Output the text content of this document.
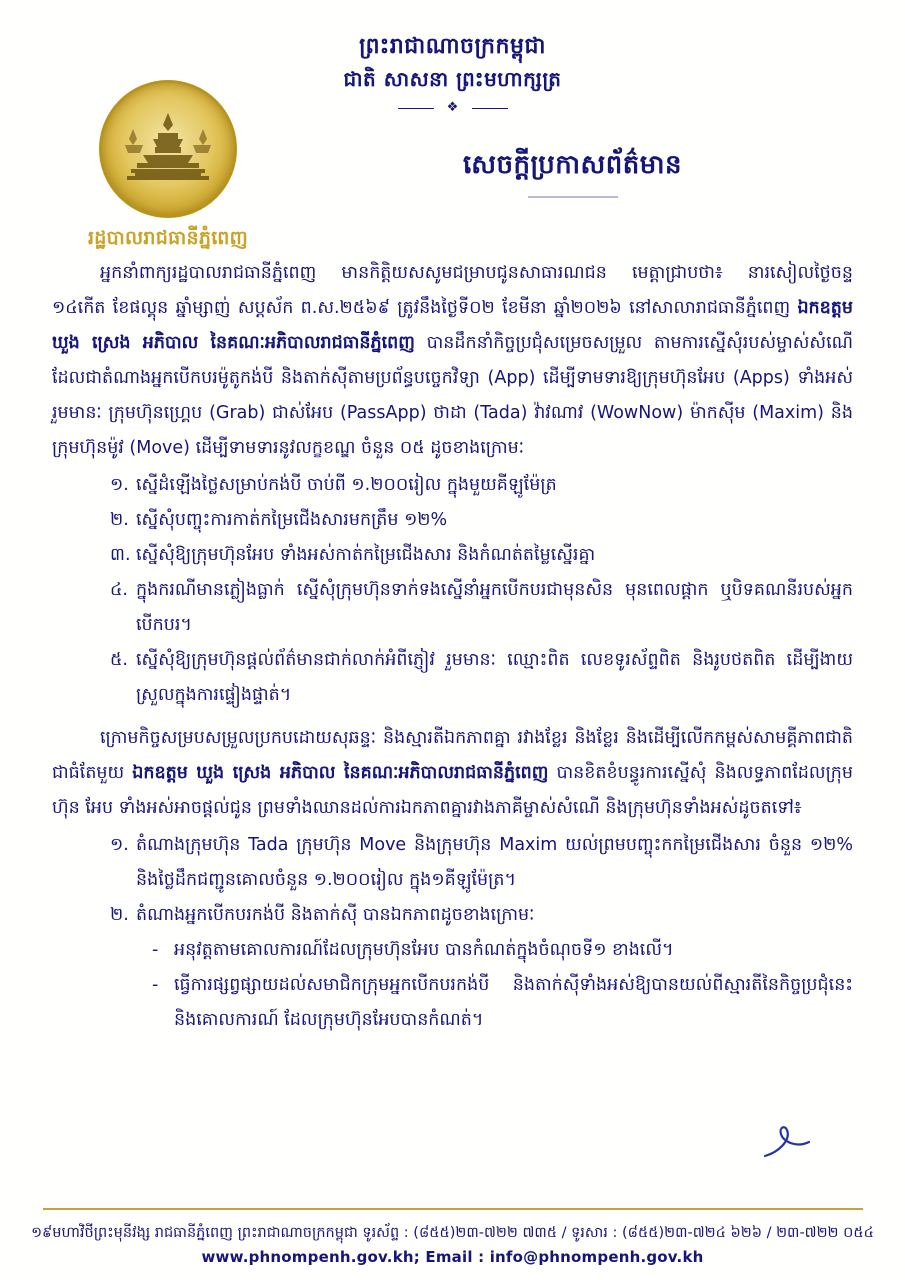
ព្រះរាជាណាចក្រកម្ពុជា
ជាតិ សាសនា ព្រះមហាក្សត្រ
❖
រដ្ឋបាលរាជធានីភ្នំពេញ
សេចក្ដីប្រកាសព័ត៌មាន
អ្នកនាំពាក្យរដ្ឋបាលរាជធានីភ្នំពេញ មានកិត្តិយសសូមជម្រាបជូនសាធារណជន មេត្តាជ្រាបថា៖ នារសៀលថ្ងៃចន្ទ ១៤កើត ខែផល្គុន ឆ្នាំម្សាញ់ សប្ដស័ក ព.ស.២៥៦៩ ត្រូវនឹងថ្ងៃទី០២ ខែមីនា ឆ្នាំ២០២៦ នៅសាលារាជធានីភ្នំពេញ ឯកឧត្តម ឃួង ស្រេង អភិបាល នៃគណៈអភិបាលរាជធានីភ្នំពេញ បានដឹកនាំកិច្ចប្រជុំសម្រេចសម្រួល តាមការស្នើសុំរបស់ម្ចាស់សំណើ ដែលជាតំណាងអ្នកបើកបរម៉ូតូកង់បី និងតាក់ស៊ីតាមប្រព័ន្ធបច្ចេកវិទ្យា (App) ដើម្បីទាមទារឱ្យក្រុមហ៊ុនអែប (Apps) ទាំងអស់រួមមានៈ ក្រុមហ៊ុនហ្គ្រេប (Grab) ជាស់អែប (PassApp) ថាដា (Tada) វ៉ាវណាវ (WowNow) ម៉ាកស៊ីម (Maxim) និងក្រុមហ៊ុនម៉ូវ (Move) ដើម្បីទាមទារនូវលក្ខខណ្ឌ ចំនួន ០៥ ដូចខាងក្រោមៈ
១. ស្នើដំឡើងថ្លៃសម្រាប់កង់បី ចាប់ពី ១.២០០រៀល ក្នុងមួយគីឡូម៉ែត្រ
២. ស្នើសុំបញ្ចុះការកាត់កម្រៃជើងសារមកត្រឹម ១២%
៣. ស្នើសុំឱ្យក្រុមហ៊ុនអែប ទាំងអស់កាត់កម្រៃជើងសារ និងកំណត់តម្លៃស្នើរគ្នា
៤. ក្នុងករណីមានភ្លៀងធ្លាក់ ស្នើសុំក្រុមហ៊ុនទាក់ទងស្នើនាំអ្នកបើកបរជាមុនសិន មុនពេលផ្ដាក ឬបិទគណនីរបស់អ្នកបើកបរ។
៥. ស្នើសុំឱ្យក្រុមហ៊ុនផ្ដល់ព័ត៌មានជាក់លាក់អំពីភ្ញៀវ រួមមានៈ ឈ្មោះពិត លេខទូរស័ព្ទពិត និងរូបថតពិត ដើម្បីងាយស្រួលក្នុងការផ្ទៀងផ្ទាត់។
ក្រោមកិច្ចសម្របសម្រួលប្រកបដោយសុឆន្ទៈ និងស្មារតីឯកភាពគ្នា រវាងខ្លែរ និងខ្លែរ និងដើម្បីលើកកម្ពស់សាមគ្គីភាពជាតិជាធំតែមួយ ឯកឧត្តម ឃួង ស្រេង អភិបាល នៃគណៈអភិបាលរាជធានីភ្នំពេញ បានខិតខំបន្ធូរការស្នើសុំ និងលទ្ធភាពដែលក្រុមហ៊ុន អែប ទាំងអស់អាចផ្ដល់ជូន ព្រមទាំងឈានដល់ការឯកភាពគ្នារវាងភាគីម្ចាស់សំណើ និងក្រុមហ៊ុនទាំងអស់ដូចតទៅ៖
១. តំណាងក្រុមហ៊ុន Tada ក្រុមហ៊ុន Move និងក្រុមហ៊ុន Maxim យល់ព្រមបញ្ចុះកកម្រៃជើងសារ ចំនួន ១២% និងថ្លៃដឹកជញ្ជូនគោលចំនួន ១.២០០រៀល ក្នុង១គីឡូម៉ែត្រ។
២. តំណាងអ្នកបើកបរកង់បី និងតាក់ស៊ី បានឯកភាពដូចខាងក្រោមៈ
- អនុវត្តតាមគោលការណ៍ដែលក្រុមហ៊ុនអែប បានកំណត់ក្នុងចំណុចទី១ ខាងលើ។
- ធ្វើការផ្សព្វផ្សាយដល់សមាជិកក្រុមអ្នកបើកបរកង់បី និងតាក់ស៊ីទាំងអស់ឱ្យបានយល់ពីស្មារតីនៃកិច្ចប្រជុំនេះ និងគោលការណ៍ ដែលក្រុមហ៊ុនអែបបានកំណត់។
១៩មហាវិថីព្រះមុនីវង្ស រាជធានីភ្នំពេញ ព្រះរាជាណាចក្រកម្ពុជា ទូរស័ព្ទ : (៨៥៥)២៣-៧២២ ៧៣៥ / ទូរសារ : (៨៥៥)២៣-៧២៤ ៦២៦ / ២៣-៧២២ ០៥៤
www.phnompenh.gov.kh; Email : info@phnompenh.gov.kh
